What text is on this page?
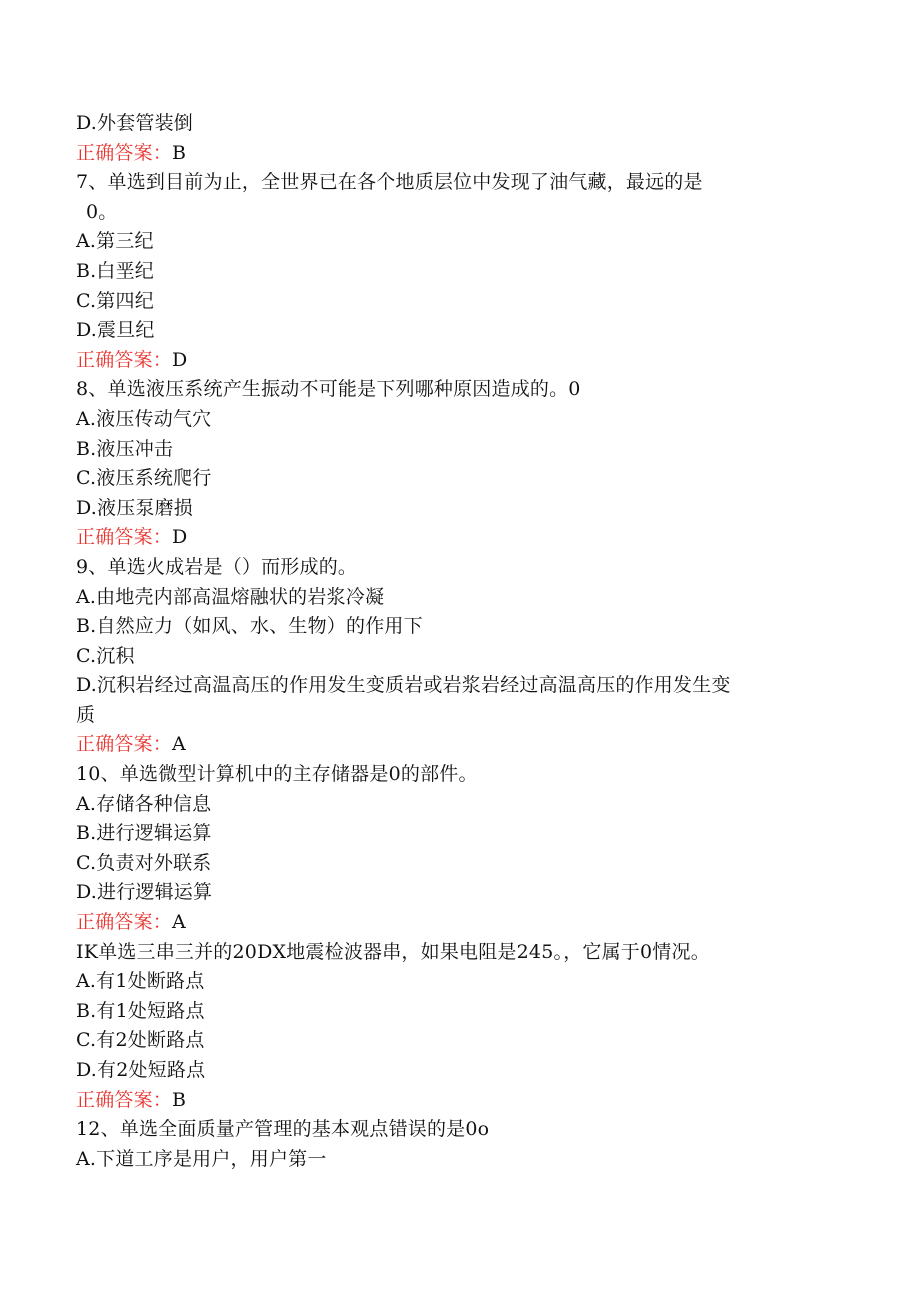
D.外套管装倒
正确答案：B
7、单选到目前为止，全世界已在各个地质层位中发现了油气藏，最远的是
0。
A.第三纪
B.白垩纪
C.第四纪
D.震旦纪
正确答案：D
8、单选液压系统产生振动不可能是下列哪种原因造成的。0
A.液压传动气穴
B.液压冲击
C.液压系统爬行
D.液压泵磨损
正确答案：D
9、单选火成岩是（）而形成的。
A.由地壳内部高温熔融状的岩浆冷凝
B.自然应力（如风、水、生物）的作用下
C.沉积
D.沉积岩经过高温高压的作用发生变质岩或岩浆岩经过高温高压的作用发生变
质
正确答案：A
10、单选微型计算机中的主存储器是0的部件。
A.存储各种信息
B.进行逻辑运算
C.负责对外联系
D.进行逻辑运算
正确答案：A
IK单选三串三并的20DX地震检波器串，如果电阻是245。，它属于0情况。
A.有1处断路点
B.有1处短路点
C.有2处断路点
D.有2处短路点
正确答案：B
12、单选全面质量产管理的基本观点错误的是0o
A.下道工序是用户，用户第一
